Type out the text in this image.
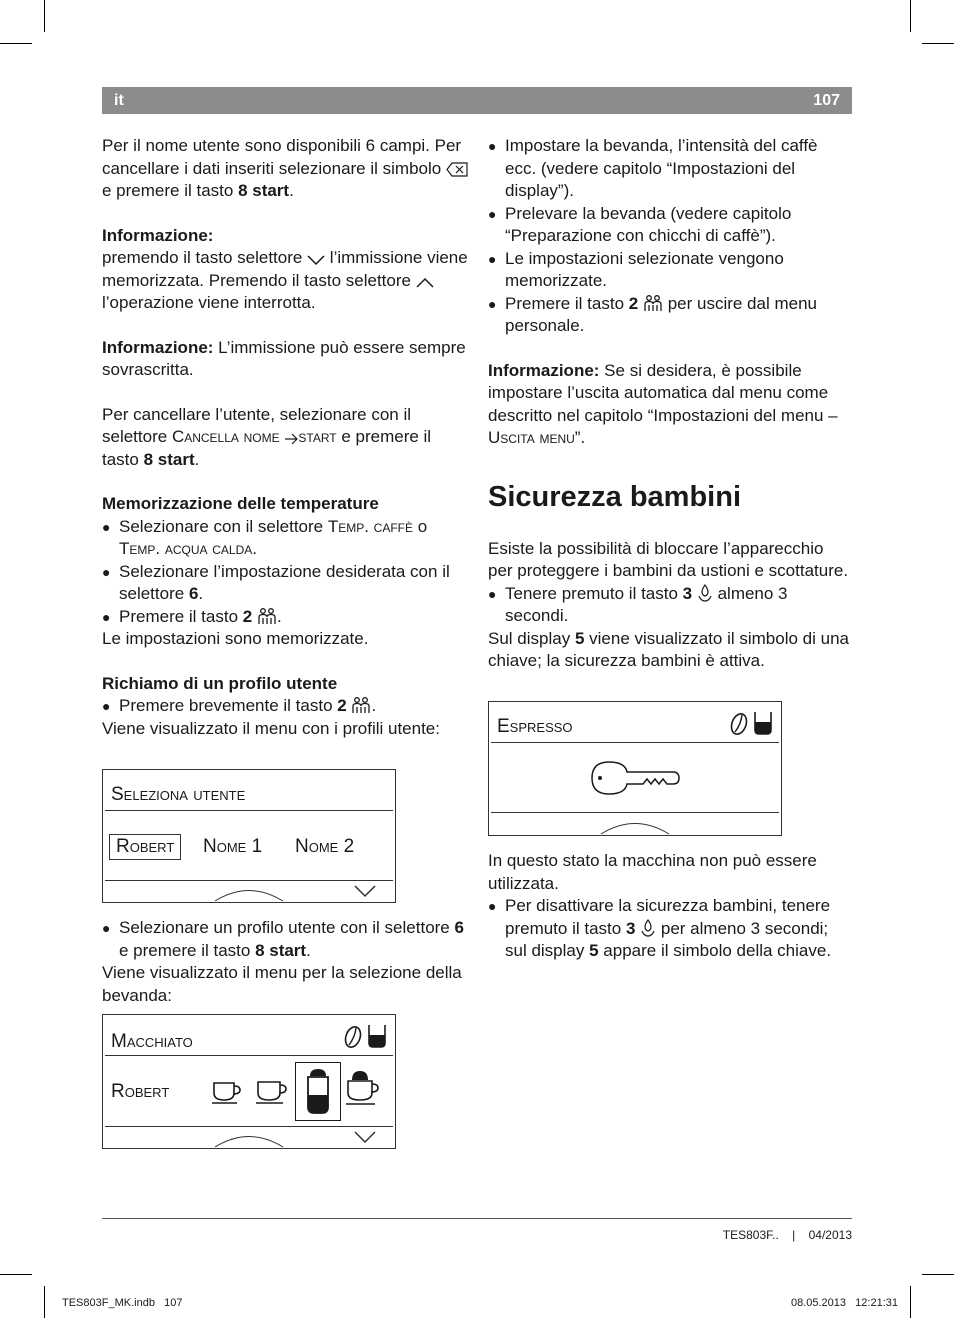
it	107

Per il nome utente sono disponibili 6 campi. Per cancellare i dati inseriti selezionare il simbolo  e premere il tasto 8 start.

Informazione:

premendo il tasto selettore  l’immissione viene memorizzata. Premendo il tasto selettore  l’operazione viene interrotta.

Informazione: L’immissione può essere sempre sovrascritta.

Per cancellare l’utente, selezionare con il selettore Cancella nome start e premere il tasto 8 start.

Memorizzazione delle temperature

● Selezionare con il selettore Temp. caffè o Temp. acqua calda.

● Selezionare l’impostazione desiderata con il selettore 6.

● Premere il tasto 2 .

Le impostazioni sono memorizzate.

Richiamo di un profilo utente

● Premere brevemente il tasto 2 .

Viene visualizzato il menu con i profili utente:

Seleziona utente
Robert	Nome 1 Nome 2

● Selezionare un profilo utente con il selettore 6 e premere il tasto 8 start.

Viene visualizzato il menu per la selezione della bevanda:

Macchiato
Robert

● Impostare la bevanda, l’intensità del caffè ecc. (vedere capitolo “Impostazioni del display”).

● Prelevare la bevanda (vedere capitolo “Preparazione con chicchi di caffè”).

● Le impostazioni selezionate vengono memorizzate.

● Premere il tasto 2  per uscire dal menu personale.

Informazione: Se si desidera, è possibile impostare l’uscita automatica dal menu come descritto nel capitolo “Impostazioni del menu – Uscita menu”.

Sicurezza bambini

Esiste la possibilità di bloccare l’apparecchio per proteggere i bambini da ustioni e scottature.

● Tenere premuto il tasto 3  almeno 3 secondi.

Sul display 5 viene visualizzato il simbolo di una chiave; la sicurezza bambini è attiva.

Espresso

In questo stato la macchina non può essere utilizzata.

● Per disattivare la sicurezza bambini, tenere premuto il tasto 3  per almeno 3 secondi; sul display 5 appare il simbolo della chiave.

TES803F.. | 04/2013
TES803F_MK.indb   107	08.05.2013   12:21:31
